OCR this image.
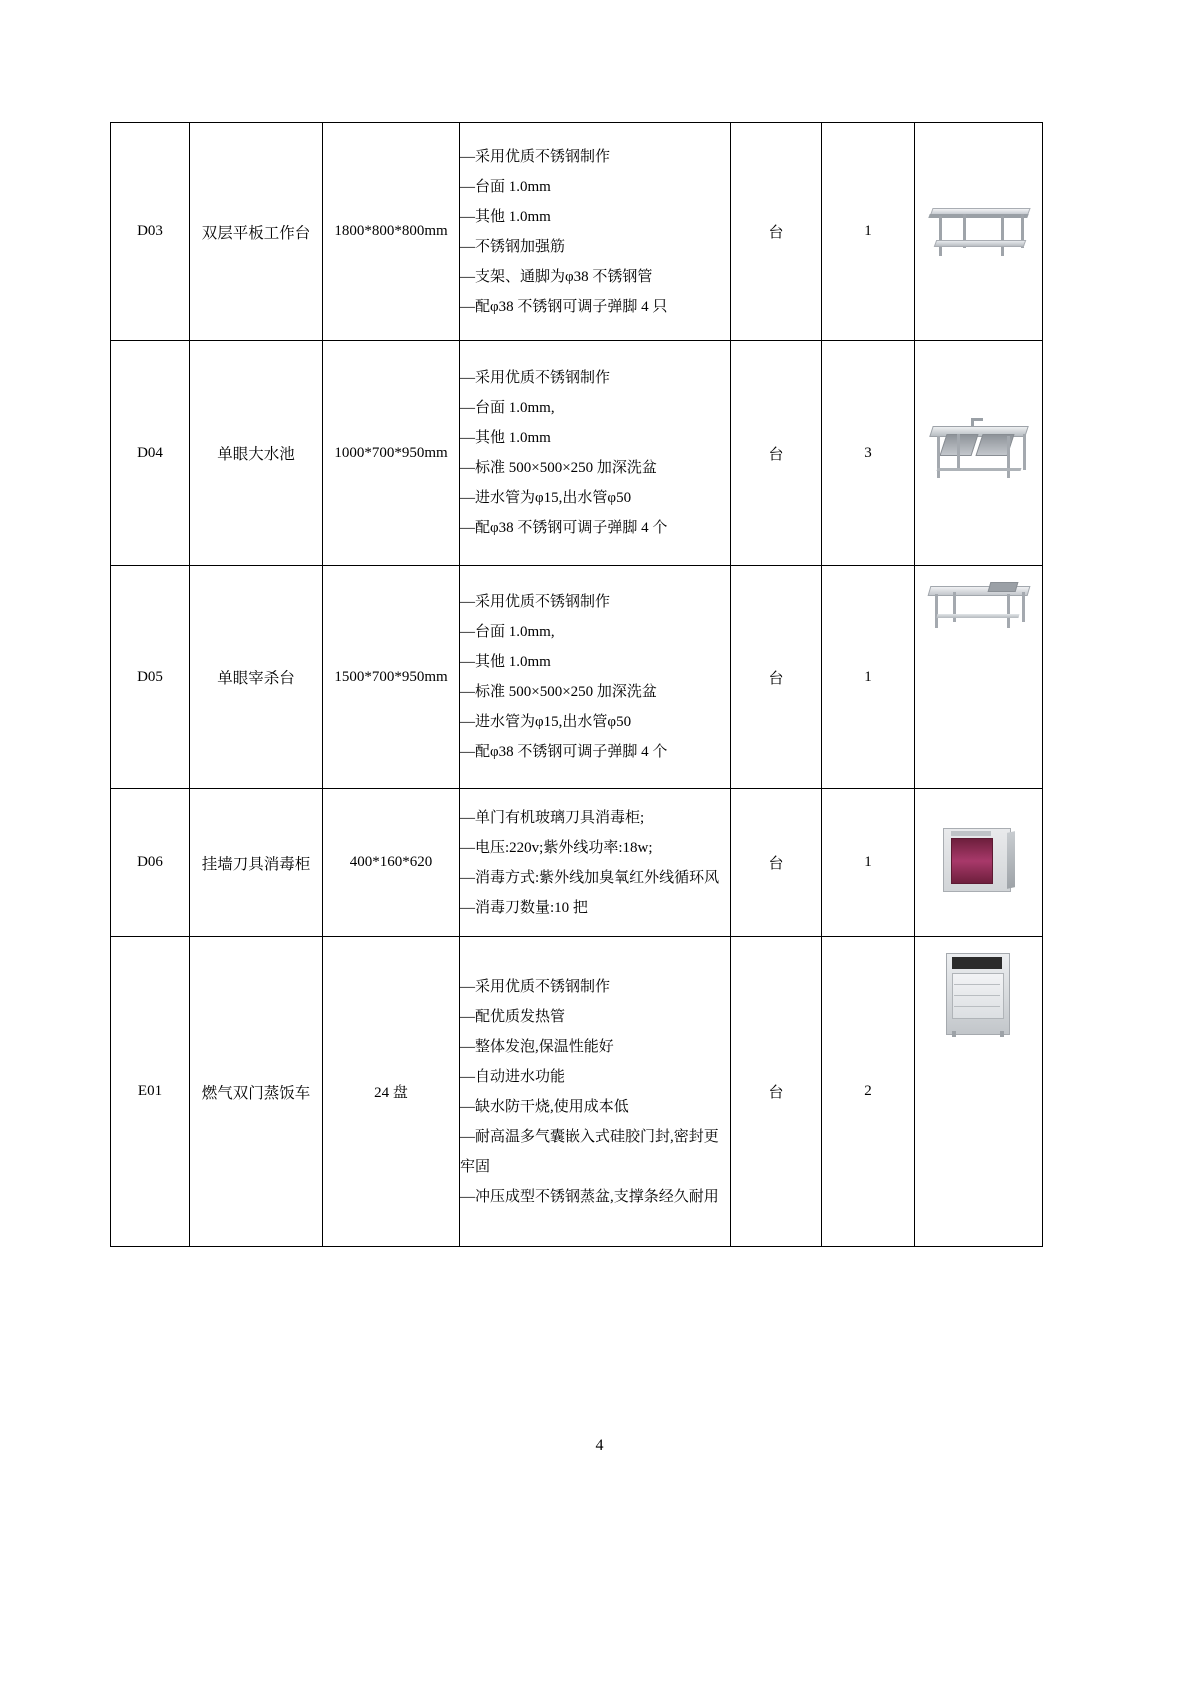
D03	双层平板工作台	1800*800*800mm	
—采用优质不锈钢制作
—台面 1.0mm
—其他 1.0mm
—不锈钢加强筋
—支架、通脚为φ38 不锈钢管
—配φ38 不锈钢可调子弹脚 4 只
	台	1	

D04	单眼大水池	1000*700*950mm	
—采用优质不锈钢制作
—台面 1.0mm,
—其他 1.0mm
—标准 500×500×250 加深洗盆
—进水管为φ15,出水管φ50
—配φ38 不锈钢可调子弹脚 4 个
	台	3	

D05	单眼宰杀台	1500*700*950mm	
—采用优质不锈钢制作
—台面 1.0mm,
—其他 1.0mm
—标准 500×500×250 加深洗盆
—进水管为φ15,出水管φ50
—配φ38 不锈钢可调子弹脚 4 个
	台	1	

D06	挂墙刀具消毒柜	400*160*620	—单门有机玻璃刀具消毒柜;
—电压:220v;紫外线功率:18w;
—消毒方式:紫外线加臭氧红外线循环风
—消毒刀数量:10 把	台	1	

E01	燃气双门蒸饭车	24 盘	
—采用优质不锈钢制作
—配优质发热管
—整体发泡,保温性能好
—自动进水功能
—缺水防干烧,使用成本低
—耐高温多气囊嵌入式硅胶门封,密封更牢固
—冲压成型不锈钢蒸盆,支撑条经久耐用
	台	2	
4
